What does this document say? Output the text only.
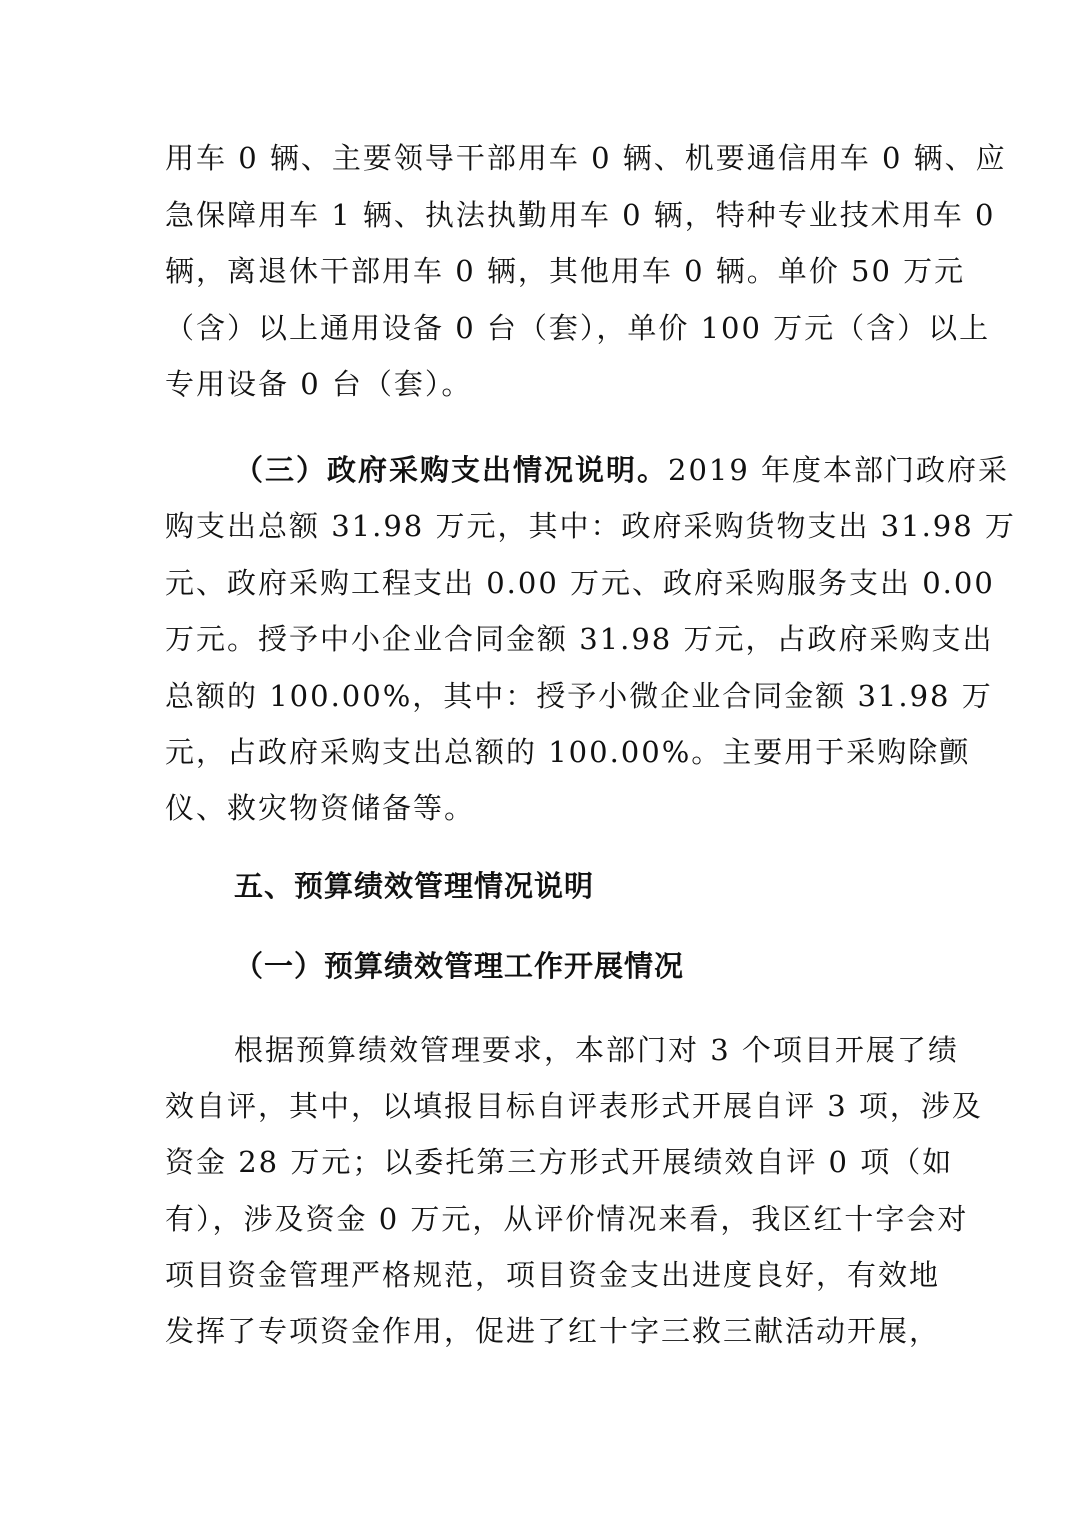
用车 0 辆、主要领导干部用车 0 辆、机要通信用车 0 辆、应
急保障用车 1 辆、执法执勤用车 0 辆，特种专业技术用车 0
辆，离退休干部用车 0 辆，其他用车 0 辆。单价 50 万元
（含）以上通用设备 0 台（套），单价 100 万元（含）以上
专用设备 0 台（套）。
（三）政府采购支出情况说明。2019 年度本部门政府采
购支出总额 31.98 万元，其中：政府采购货物支出 31.98 万
元、政府采购工程支出 0.00 万元、政府采购服务支出 0.00
万元。授予中小企业合同金额 31.98 万元，占政府采购支出
总额的 100.00%，其中：授予小微企业合同金额 31.98 万
元，占政府采购支出总额的 100.00%。主要用于采购除颤
仪、救灾物资储备等。
五、预算绩效管理情况说明
（一）预算绩效管理工作开展情况
根据预算绩效管理要求，本部门对 3 个项目开展了绩
效自评，其中，以填报目标自评表形式开展自评 3 项，涉及
资金 28 万元；以委托第三方形式开展绩效自评 0 项（如
有），涉及资金 0 万元，从评价情况来看，我区红十字会对
项目资金管理严格规范，项目资金支出进度良好，有效地
发挥了专项资金作用，促进了红十字三救三献活动开展，
